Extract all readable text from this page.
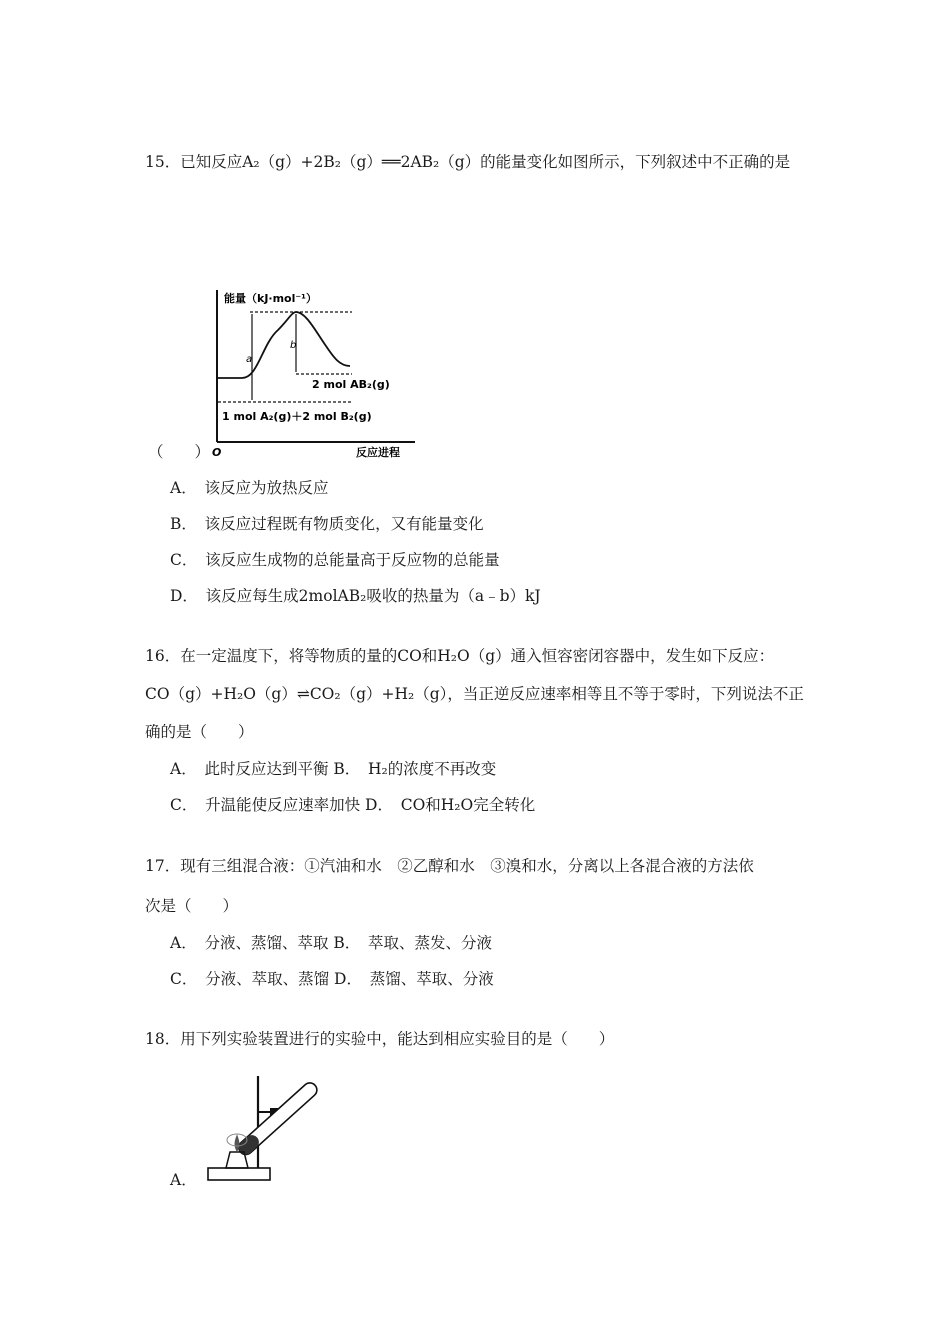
15．已知反应A₂（g）+2B₂（g）══2AB₂（g）的能量变化如图所示，下列叙述中不正确的是
能量（kJ·mol⁻¹）
a
b
2 mol AB₂(g)
1 mol A₂(g)＋2 mol B₂(g)
O	反应进程
（　　）
A．　该反应为放热反应
B．　该反应过程既有物质变化，又有能量变化
C．　该反应生成物的总能量高于反应物的总能量
D．　该反应每生成2molAB₂吸收的热量为（a﹣b）kJ
16．在一定温度下，将等物质的量的CO和H₂O（g）通入恒容密闭容器中，发生如下反应：
CO（g）+H₂O（g）⇌CO₂（g）+H₂（g），当正逆反应速率相等且不等于零时，下列说法不正
确的是（　　）
A．　此时反应达到平衡 B．　H₂的浓度不再改变
C．　升温能使反应速率加快 D．　CO和H₂O完全转化
17．现有三组混合液：①汽油和水　②乙醇和水　③溴和水，分离以上各混合液的方法依
次是（　　）
A．　分液、蒸馏、萃取 B．　萃取、蒸发、分液
C．　分液、萃取、蒸馏 D．　蒸馏、萃取、分液
18．用下列实验装置进行的实验中，能达到相应实验目的是（　　）
A．
